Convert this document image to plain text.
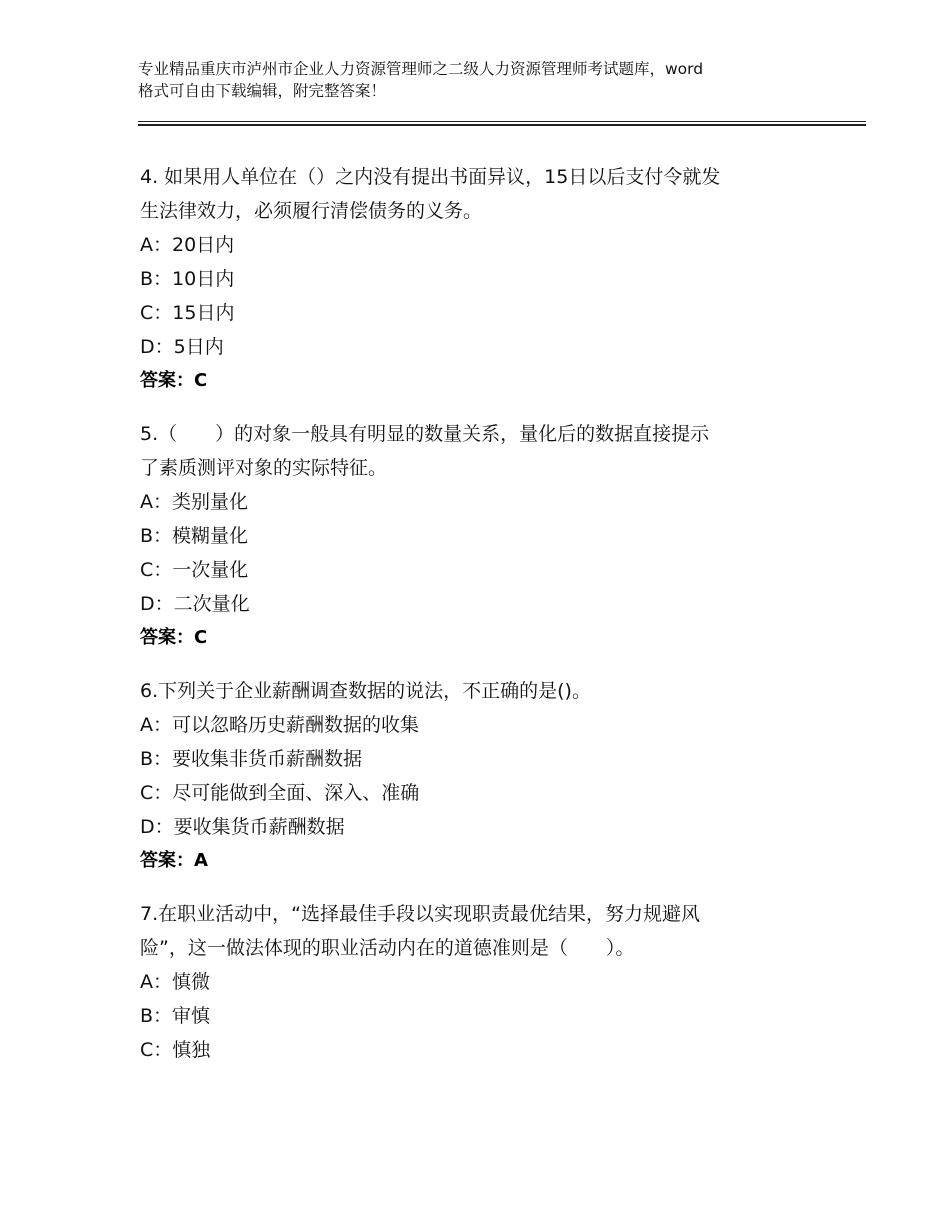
专业精品重庆市泸州市企业人力资源管理师之二级人力资源管理师考试题库，word
格式可自由下载编辑，附完整答案！

4. 如果用人单位在（）之内没有提出书面异议，15日以后支付令就发

生法律效力，必须履行清偿债务的义务。

A：20日内

B：10日内

C：15日内

D：5日内

答案：C

5.（　　）的对象一般具有明显的数量关系，量化后的数据直接提示

了素质测评对象的实际特征。

A：类别量化

B：模糊量化

C：一次量化

D：二次量化

答案：C

6.下列关于企业薪酬调查数据的说法，不正确的是()。

A：可以忽略历史薪酬数据的收集

B：要收集非货币薪酬数据

C：尽可能做到全面、深入、准确

D：要收集货币薪酬数据

答案：A

7.在职业活动中，“选择最佳手段以实现职责最优结果，努力规避风

险”，这一做法体现的职业活动内在的道德准则是（　　）。

A：慎微

B：审慎

C：慎独
